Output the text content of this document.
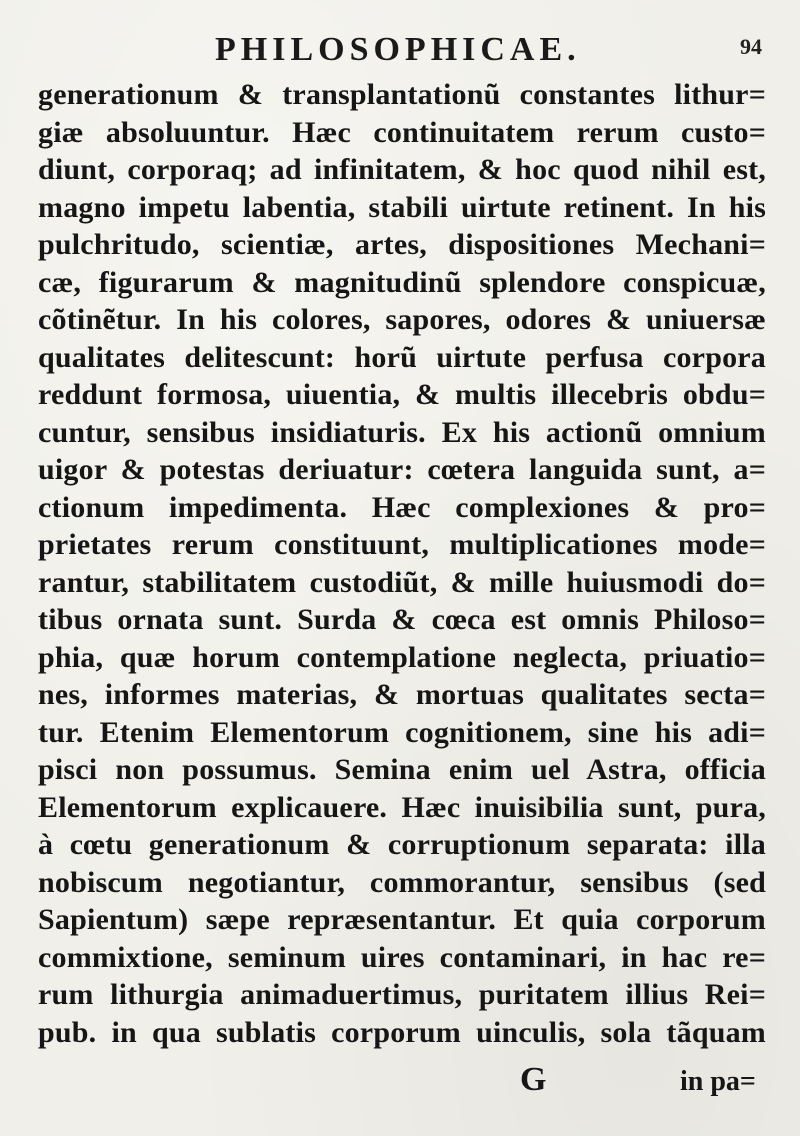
PHILOSOPHICAE.	94
generationum & transplantationũ constantes lithur=
giæ absoluuntur. Hæc continuitatem rerum custo=
diunt, corporaq; ad infinitatem, & hoc quod nihil est,
magno impetu labentia, stabili uirtute retinent. In his
pulchritudo, scientiæ, artes, dispositiones Mechani=
cæ, figurarum & magnitudinũ splendore conspicuæ,
cõtinẽtur. In his colores, sapores, odores & uniuersæ
qualitates delitescunt: horũ uirtute perfusa corpora
reddunt formosa, uiuentia, & multis illecebris obdu=
cuntur, sensibus insidiaturis. Ex his actionũ omnium
uigor & potestas deriuatur: cœtera languida sunt, a=
ctionum impedimenta. Hæc complexiones & pro=
prietates rerum constituunt, multiplicationes mode=
rantur, stabilitatem custodiũt, & mille huiusmodi do=
tibus ornata sunt. Surda & cœca est omnis Philoso=
phia, quæ horum contemplatione neglecta, priuatio=
nes, informes materias, & mortuas qualitates secta=
tur. Etenim Elementorum cognitionem, sine his adi=
pisci non possumus. Semina enim uel Astra, officia
Elementorum explicauere. Hæc inuisibilia sunt, pura,
à cœtu generationum & corruptionum separata: illa
nobiscum negotiantur, commorantur, sensibus (sed
Sapientum) sæpe repræsentantur. Et quia corporum
commixtione, seminum uires contaminari, in hac re=
rum lithurgia animaduertimus, puritatem illius Rei=
pub. in qua sublatis corporum uinculis, sola tãquam
G	in pa=
